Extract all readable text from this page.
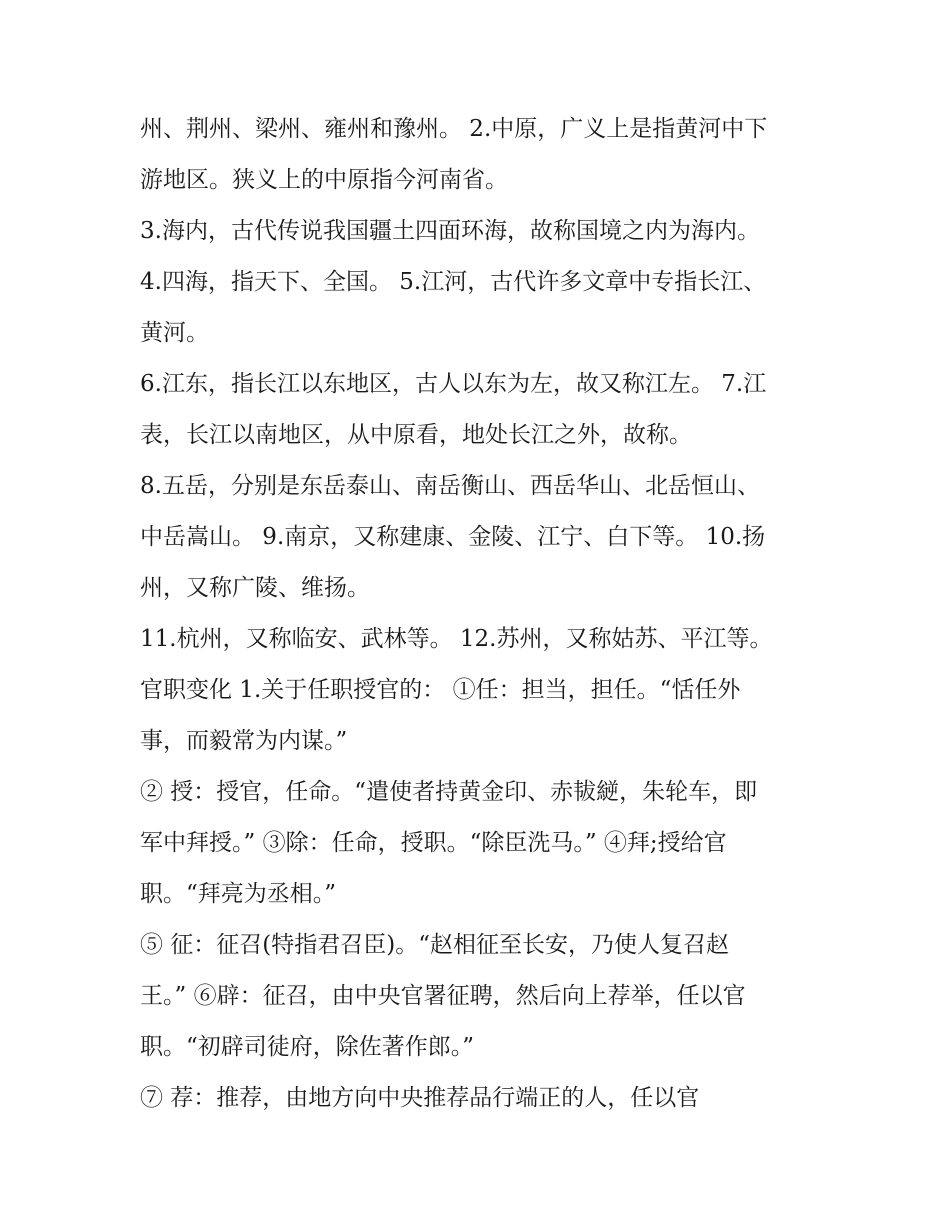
州、荆州、梁州、雍州和豫州。 2.中原，广义上是指黄河中下
游地区。狭义上的中原指今河南省。
3.海内，古代传说我国疆土四面环海，故称国境之内为海内。
4.四海，指天下、全国。 5.江河，古代许多文章中专指长江、
黄河。
6.江东，指长江以东地区，古人以东为左，故又称江左。 7.江
表，长江以南地区，从中原看，地处长江之外，故称。
8.五岳，分别是东岳泰山、南岳衡山、西岳华山、北岳恒山、
中岳嵩山。 9.南京，又称建康、金陵、江宁、白下等。 10.扬
州，又称广陵、维扬。
11.杭州，又称临安、武林等。 12.苏州，又称姑苏、平江等。
官职变化 1.关于任职授官的： ①任：担当，担任。“恬任外
事，而毅常为内谋。”
② 授：授官，任命。“遣使者持黄金印、赤韨縌，朱轮车，即
军中拜授。” ③除：任命，授职。“除臣洗马。” ④拜;授给官
职。“拜亮为丞相。”
⑤ 征：征召(特指君召臣)。“赵相征至长安，乃使人复召赵
王。” ⑥辟：征召，由中央官署征聘，然后向上荐举，任以官
职。“初辟司徒府，除佐著作郎。”
⑦ 荐：推荐，由地方向中央推荐品行端正的人，任以官
